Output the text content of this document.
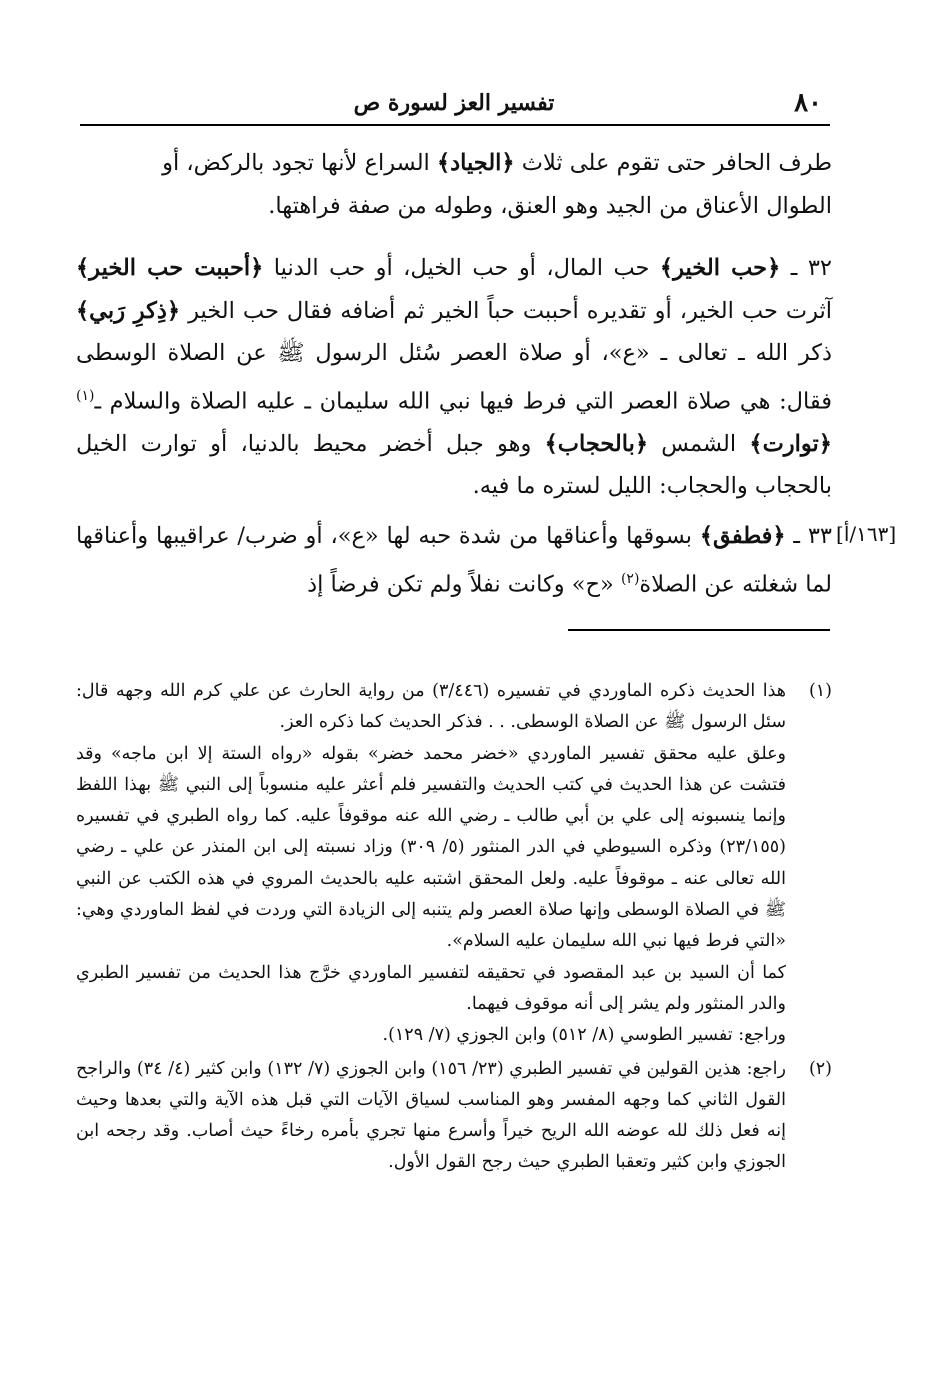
٨٠
تفسير العز لسورة ص

طرف الحافر حتى تقوم على ثلاث ﴿الجياد﴾ السراع لأنها تجود بالركض، أو
الطوال الأعناق من الجيد وهو العنق، وطوله من صفة فراهتها.

٣٢ ـ ﴿حب الخير﴾ حب المال، أو حب الخيل، أو حب الدنيا ﴿أحببت حب الخير﴾ آثرت حب الخير، أو تقديره أحببت حباً الخير ثم أضافه فقال حب الخير ﴿ذِكرِ رَبي﴾ ذكر الله ـ تعالى ـ «ع»، أو صلاة العصر سُئل الرسول ﷺ عن الصلاة الوسطى فقال: هي صلاة العصر التي فرط فيها نبي الله سليمان ـ عليه الصلاة والسلام ـ$^{(١)}$ ﴿توارت﴾ الشمس ﴿بالحجاب﴾ وهو جبل أخضر محيط بالدنيا، أو توارت الخيل بالحجاب والحجاب: الليل لستره ما فيه.

[١٦٣/أ]

٣٣ ـ ﴿فطفق﴾ بسوقها وأعناقها من شدة حبه لها «ع»، أو ضرب/ عراقيبها وأعناقها لما شغلته عن الصلاة$^{(٢)}$ «ح» وكانت نفلاً ولم تكن فرضاً إذ

(١)

هذا الحديث ذكره الماوردي في تفسيره (٣/٤٤٦) من رواية الحارث عن علي كرم الله وجهه قال: سئل الرسول ﷺ عن الصلاة الوسطى. . . فذكر الحديث كما ذكره العز.

وعلق عليه محقق تفسير الماوردي «خضر محمد خضر» بقوله «رواه الستة إلا ابن ماجه» وقد فتشت عن هذا الحديث في كتب الحديث والتفسير فلم أعثر عليه منسوباً إلى النبي ﷺ بهذا اللفظ وإنما ينسبونه إلى علي بن أبي طالب ـ رضي الله عنه موقوفاً عليه. كما رواه الطبري في تفسيره (٢٣/١٥٥) وذكره السيوطي في الدر المنثور (٥/ ٣٠٩) وزاد نسبته إلى ابن المنذر عن علي ـ رضي الله تعالى عنه ـ موقوفاً عليه. ولعل المحقق اشتبه عليه بالحديث المروي في هذه الكتب عن النبي ﷺ في الصلاة الوسطى وإنها صلاة العصر ولم يتنبه إلى الزيادة التي وردت في لفظ الماوردي وهي: «التي فرط فيها نبي الله سليمان عليه السلام».

كما أن السيد بن عبد المقصود في تحقيقه لتفسير الماوردي خرَّج هذا الحديث من تفسير الطبري والدر المنثور ولم يشر إلى أنه موقوف فيهما.

وراجع: تفسير الطوسي (٨/ ٥١٢) وابن الجوزي (٧/ ١٢٩).

(٢)

راجع: هذين القولين في تفسير الطبري (٢٣/ ١٥٦) وابن الجوزي (٧/ ١٣٢) وابن كثير (٤/ ٣٤) والراجح القول الثاني كما وجهه المفسر وهو المناسب لسياق الآيات التي قبل هذه الآية والتي بعدها وحيث إنه فعل ذلك لله عوضه الله الريح خيراً وأسرع منها تجري بأمره رخاءً حيث أصاب. وقد رجحه ابن الجوزي وابن كثير وتعقبا الطبري حيث رجح القول الأول.
